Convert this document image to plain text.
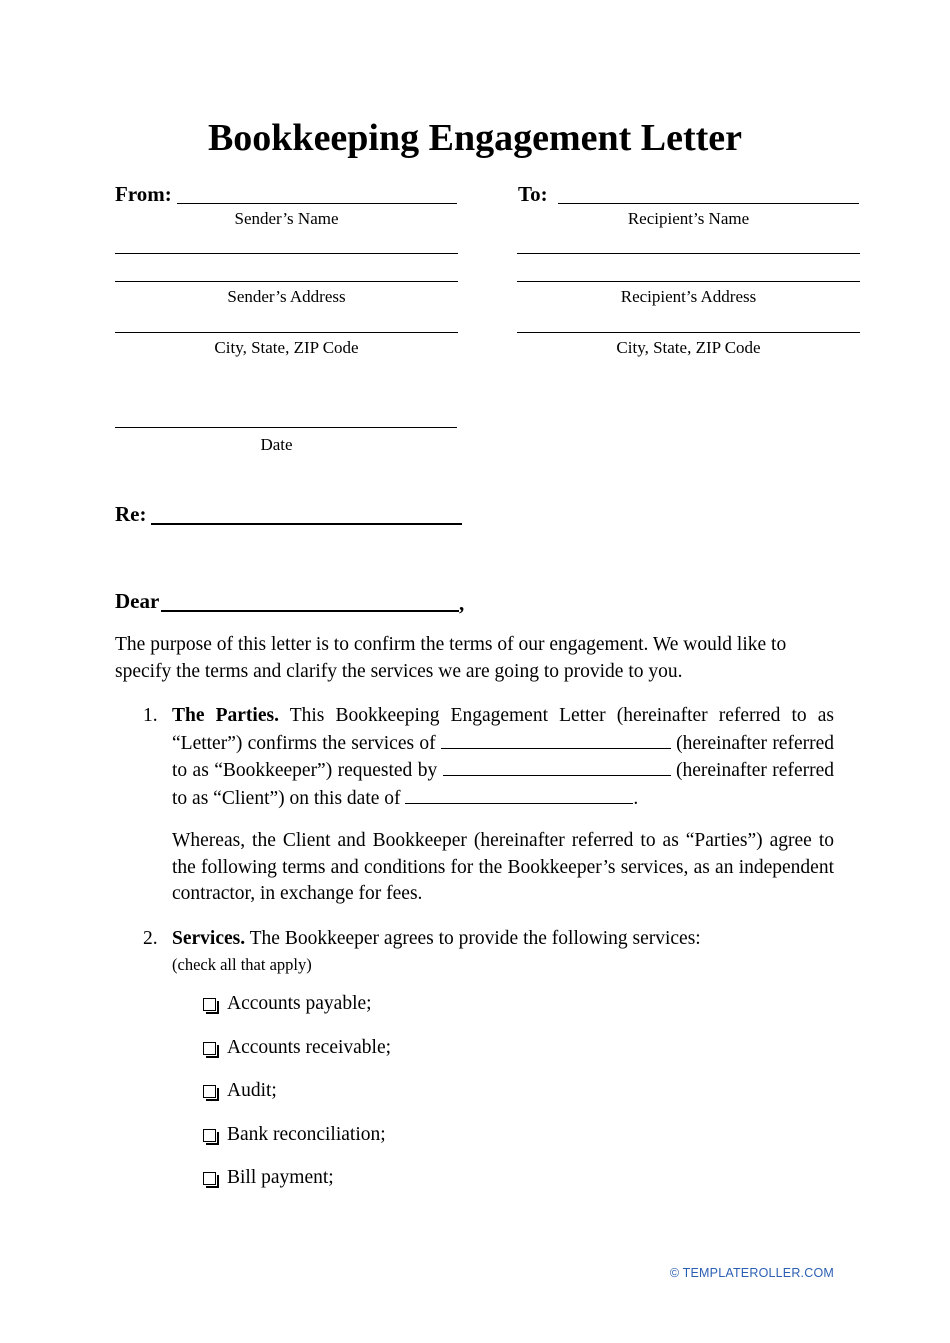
Bookkeeping Engagement Letter
From:
Sender’s Name
Sender’s Address
City, State, ZIP Code
To:
Recipient’s Name
Recipient’s Address
City, State, ZIP Code
Date
Re:
Dear	,
The purpose of this letter is to confirm the terms of our engagement. We would like to specify the terms and clarify the services we are going to provide to you.
1. The Parties. This Bookkeeping Engagement Letter (hereinafter referred to as “Letter”) confirms the services of	(hereinafter referred to as “Bookkeeper”) requested by	(hereinafter referred to as “Client”) on this date of	.
Whereas, the Client and Bookkeeper (hereinafter referred to as “Parties”) agree to the following terms and conditions for the Bookkeeper’s services, as an independent contractor, in exchange for fees.
2. Services. The Bookkeeper agrees to provide the following services:
(check all that apply)
Accounts payable;
Accounts receivable;
Audit;
Bank reconciliation;
Bill payment;
© TEMPLATEROLLER.COM
